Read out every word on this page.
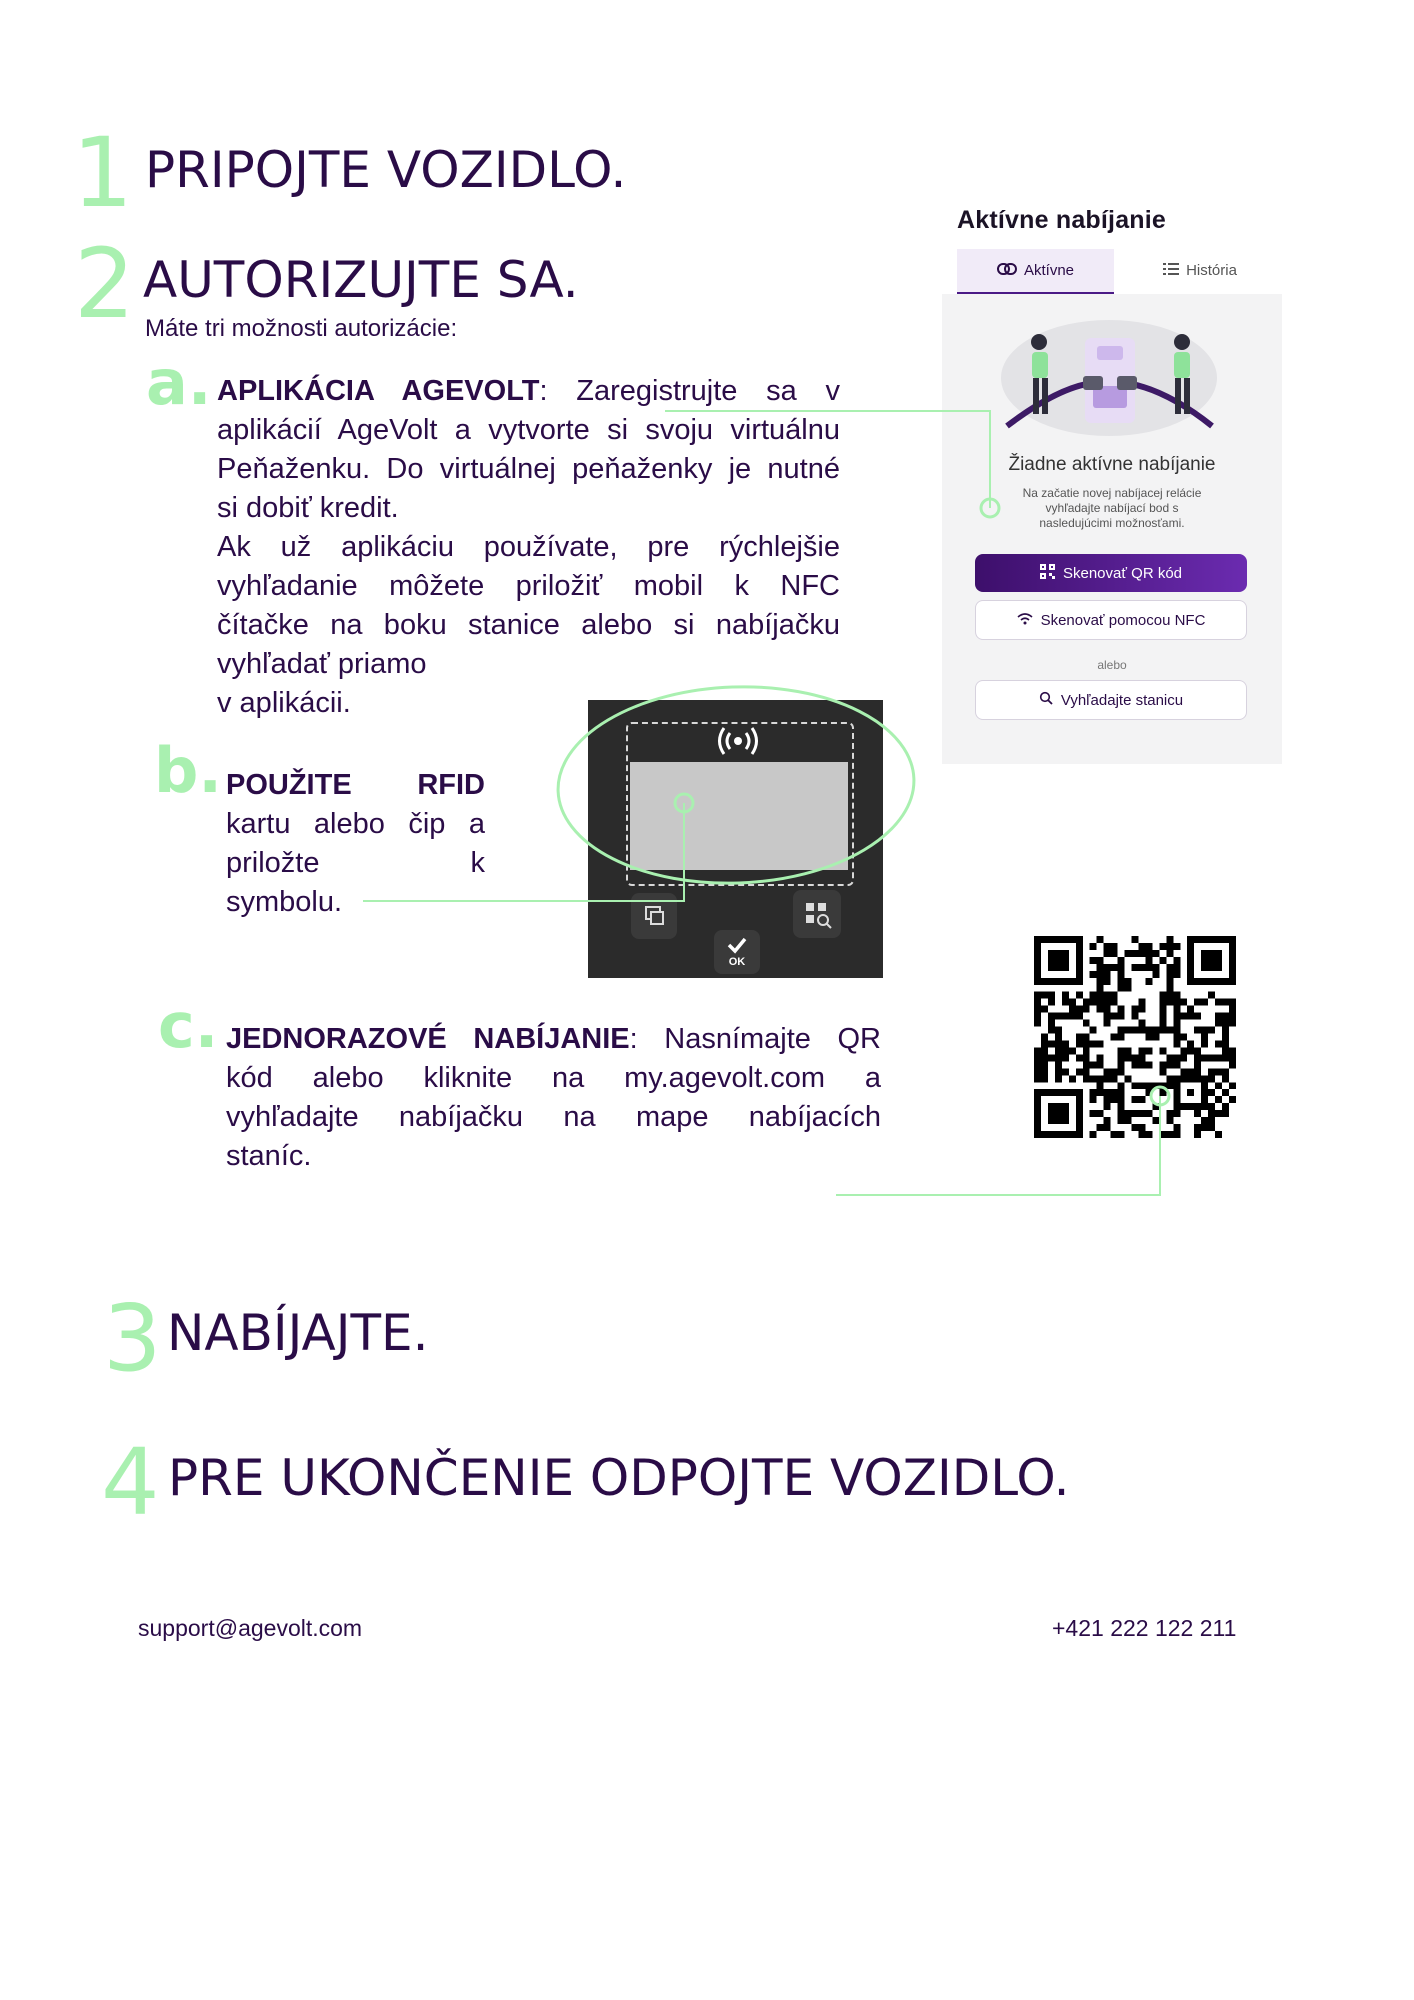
1 PRIPOJTE VOZIDLO.
2 AUTORIZUJTE SA.
Máte tri možnosti autorizácie:
a. APLIKÁCIA AGEVOLT: Zaregistrujte sa v
aplikácií AgeVolt a vytvorte si svoju virtuálnu
Peňaženku. Do virtuálnej peňaženky je nutné
si dobiť kredit.
Ak už aplikáciu používate, pre rýchlejšie
vyhľadanie môžete priložiť mobil k NFC
čítačke na boku stanice alebo si nabíjačku
vyhľadať priamo
v aplikácii.
b. POUŽITE RFID
kartu alebo čip a
priložte k
symbolu.
c. JEDNORAZOVÉ NABÍJANIE: Nasnímajte QR
kód alebo kliknite na my.agevolt.com a
vyhľadajte nabíjačku na mape nabíjacích
staníc.
Aktívne nabíjanie
Aktívne	História
Žiadne aktívne nabíjanie
Na začatie novej nabíjacej relácie
vyhľadajte nabíjací bod s
nasledujúcimi možnosťami.
Skenovať QR kód
Skenovať pomocou NFC
alebo
Vyhľadajte stanicu
OK
3 NABÍJAJTE.
4 PRE UKONČENIE ODPOJTE VOZIDLO.
support@agevolt.com	+421 222 122 211
